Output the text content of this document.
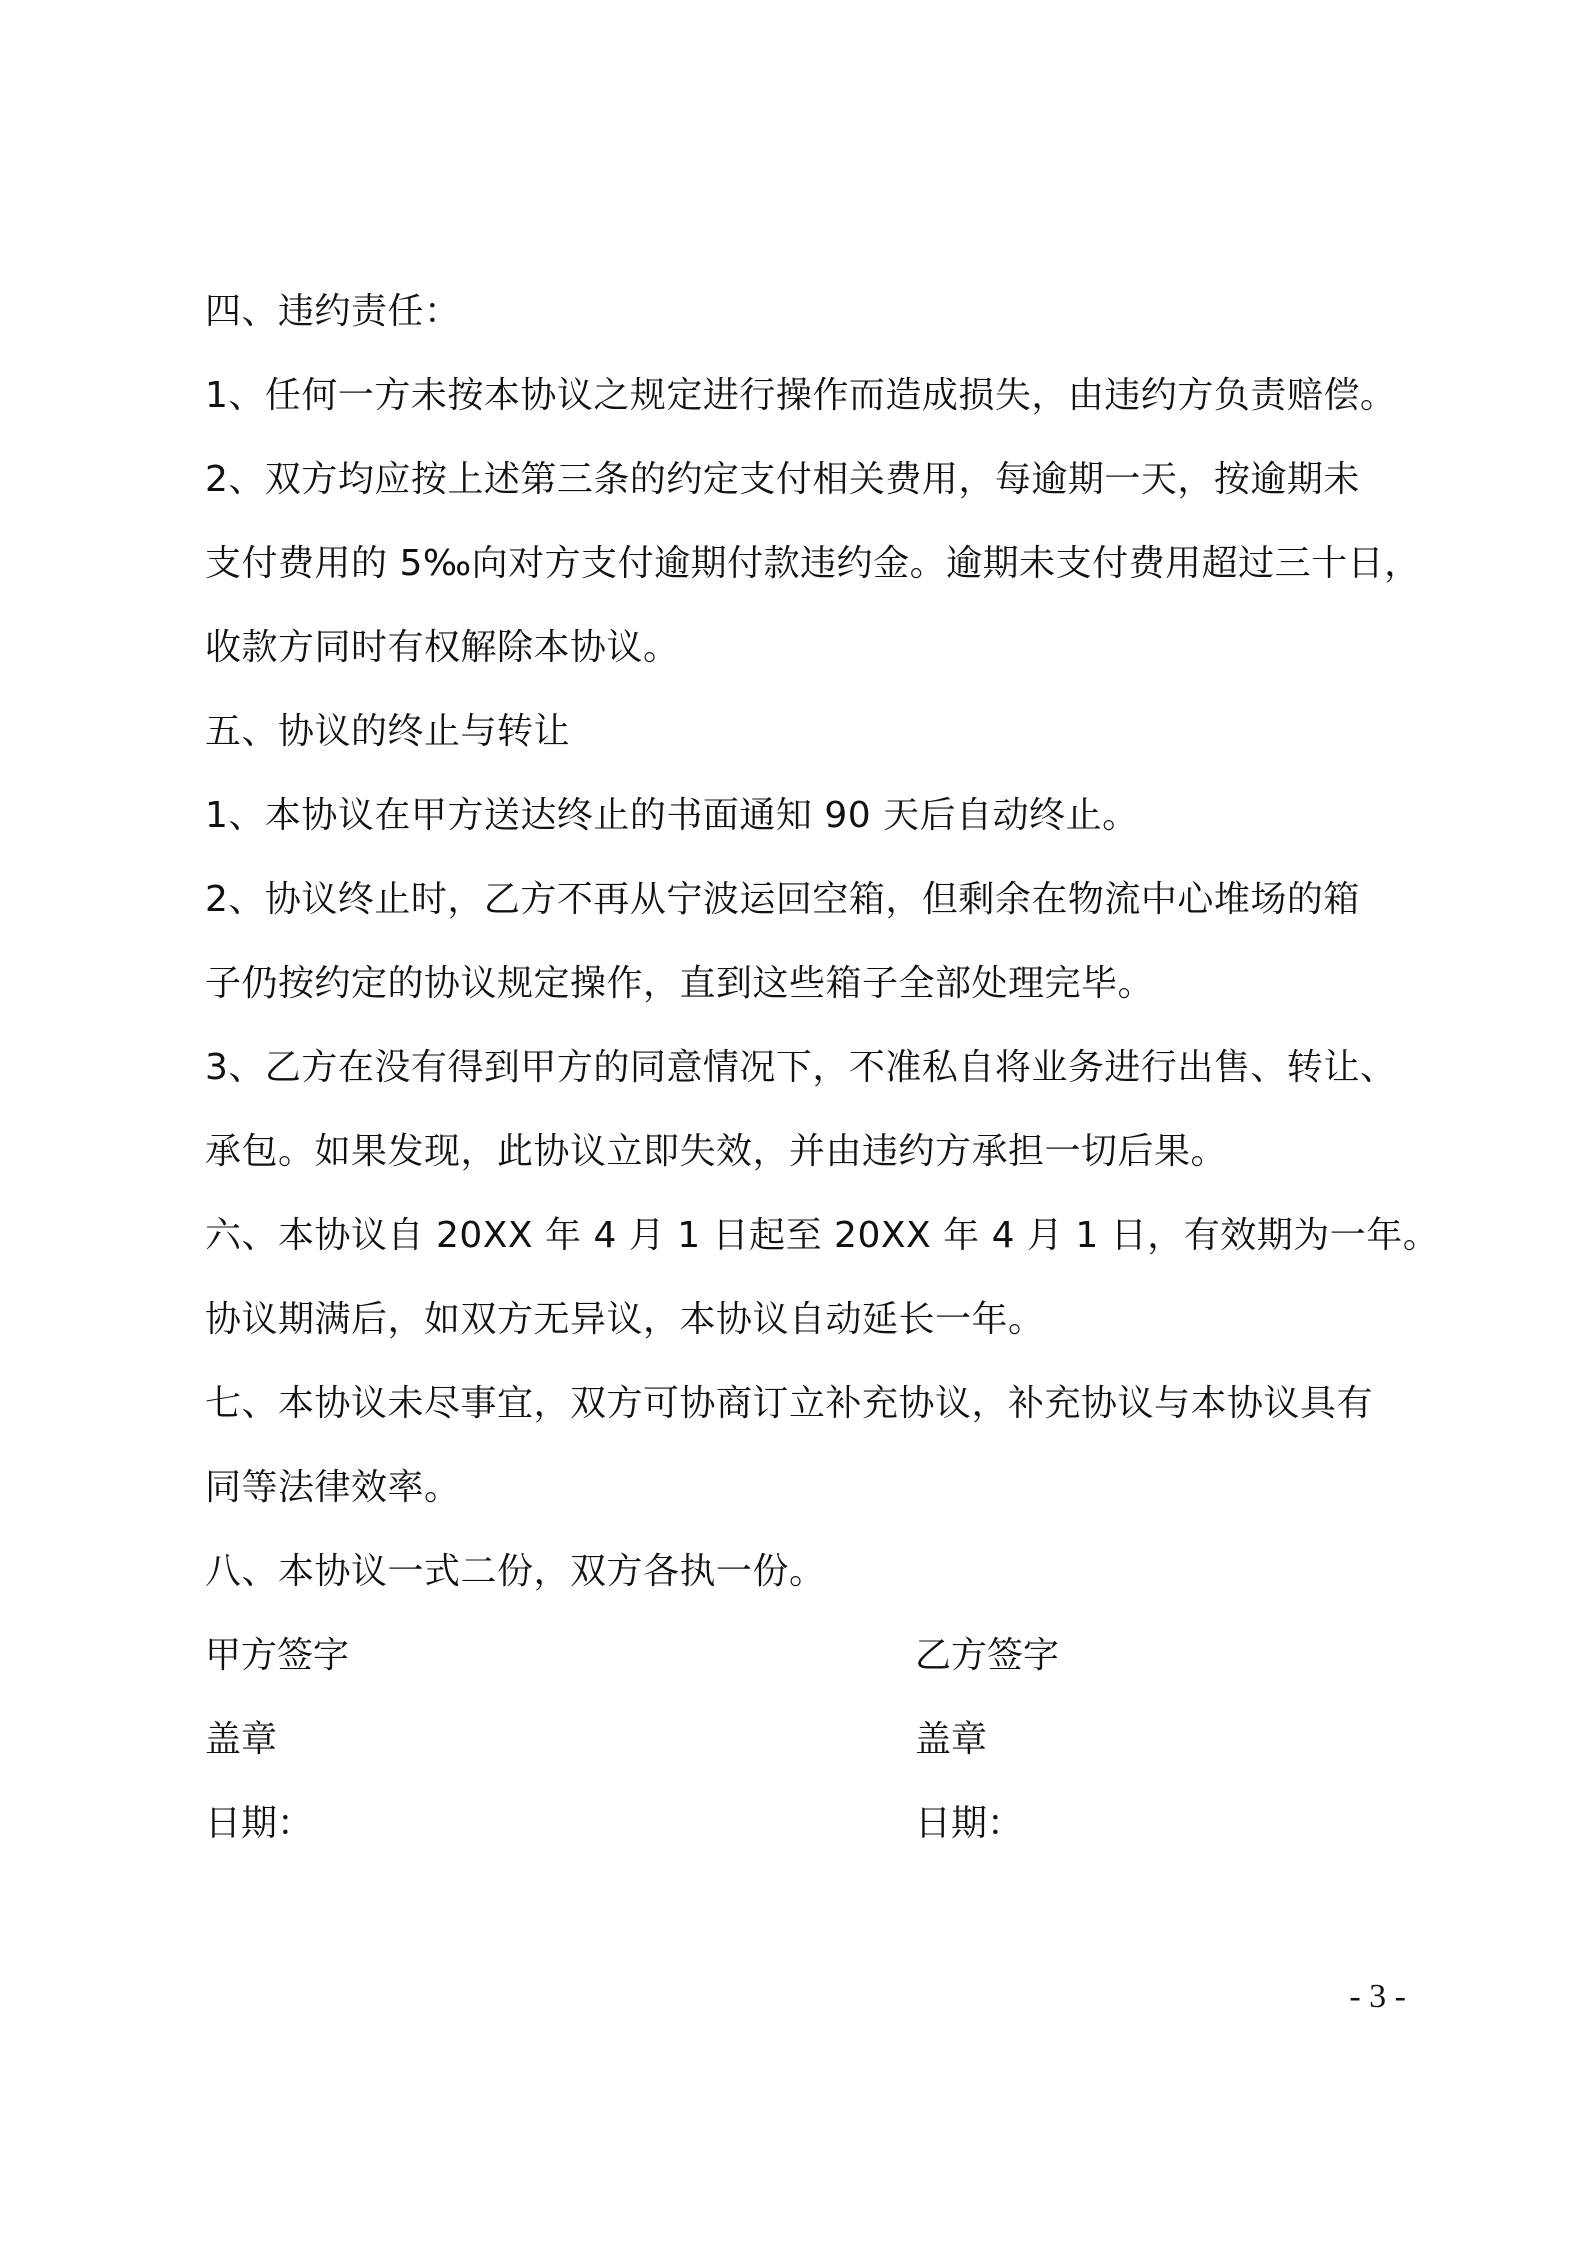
四、违约责任：
1、任何一方未按本协议之规定进行操作而造成损失，由违约方负责赔偿。
2、双方均应按上述第三条的约定支付相关费用，每逾期一天，按逾期未
支付费用的 5‰向对方支付逾期付款违约金。逾期未支付费用超过三十日，
收款方同时有权解除本协议。
五、协议的终止与转让
1、本协议在甲方送达终止的书面通知 90 天后自动终止。
2、协议终止时，乙方不再从宁波运回空箱，但剩余在物流中心堆场的箱
子仍按约定的协议规定操作，直到这些箱子全部处理完毕。
3、乙方在没有得到甲方的同意情况下，不准私自将业务进行出售、转让、
承包。如果发现，此协议立即失效，并由违约方承担一切后果。
六、本协议自 20XX 年 4 月 1 日起至 20XX 年 4 月 1 日，有效期为一年。
协议期满后，如双方无异议，本协议自动延长一年。
七、本协议未尽事宜，双方可协商订立补充协议，补充协议与本协议具有
同等法律效率。
八、本协议一式二份，双方各执一份。
甲方签字	乙方签字
盖章	盖章
日期：	日期：
- 3 -
